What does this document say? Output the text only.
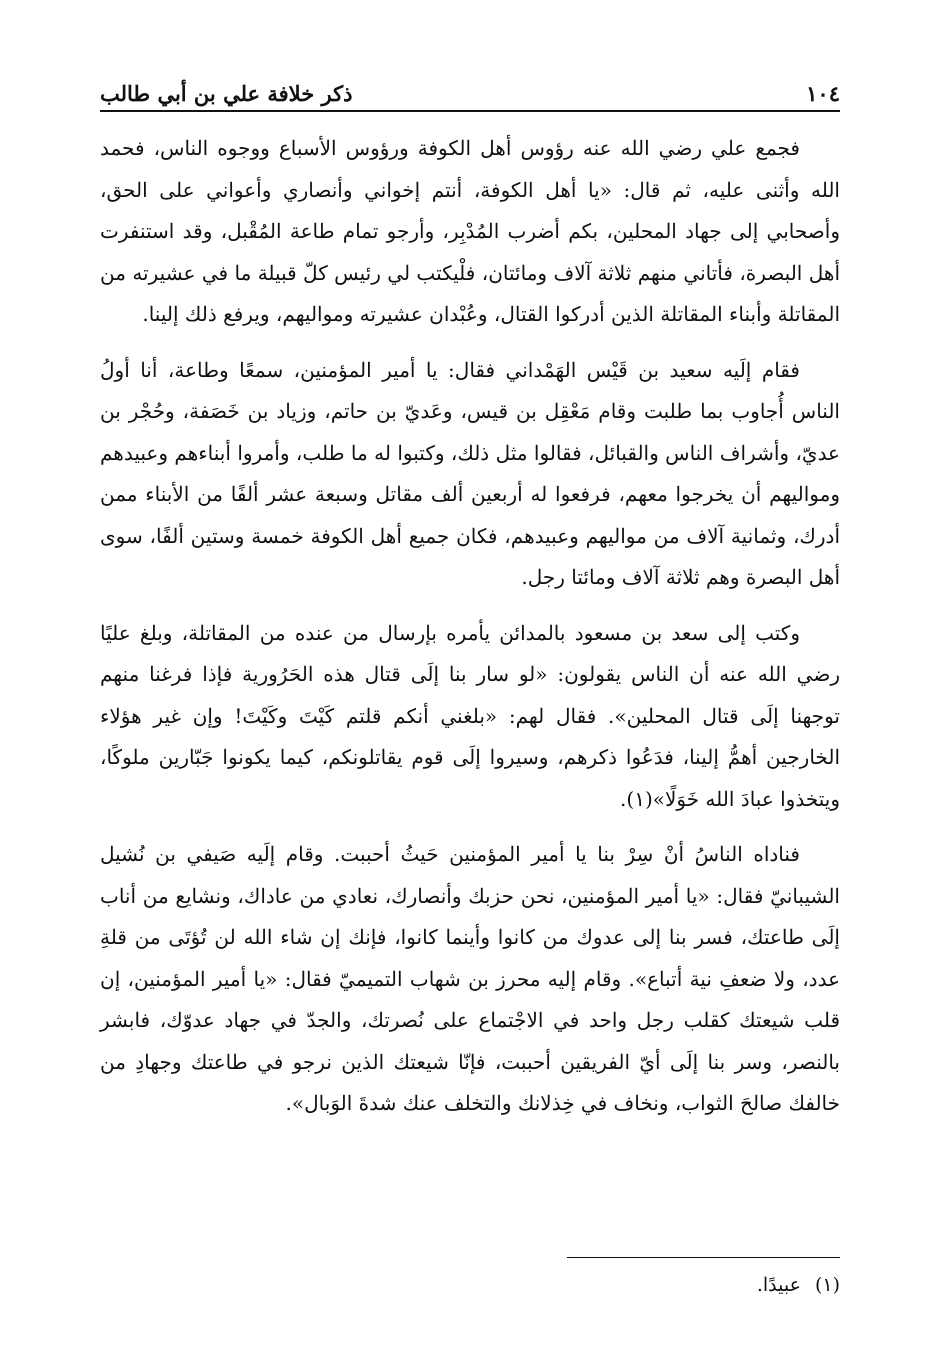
١٠٤
ذكر خلافة علي بن أبي طالب

فجمع علي رضي الله عنه رؤوس أهل الكوفة ورؤوس الأسباع ووجوه الناس، فحمد الله وأثنى عليه، ثم قال: «يا أهل الكوفة، أنتم إخواني وأنصاري وأعواني على الحق، وأصحابي إلى جهاد المحلين، بكم أضرب المُدْبِر، وأرجو تمام طاعة المُقْبل، وقد استنفرت أهل البصرة، فأتاني منهم ثلاثة آلاف ومائتان، فلْيكتب لي رئيس كلّ قبيلة ما في عشيرته من المقاتلة وأبناء المقاتلة الذين أدركوا القتال، وعُبْدان عشيرته ومواليهم، ويرفع ذلك إلينا.

فقام إلَيه سعيد بن قَيْس الهَمْداني فقال: يا أمير المؤمنين، سمعًا وطاعة، أنا أولُ الناس أُجاوب بما طلبت وقام مَعْقِل بن قيس، وعَديّ بن حاتم، وزياد بن خَصَفة، وحُجْر بن عديّ، وأشراف الناس والقبائل، فقالوا مثل ذلك، وكتبوا له ما طلب، وأمروا أبناءهم وعبيدهم ومواليهم أن يخرجوا معهم، فرفعوا له أربعين ألف مقاتل وسبعة عشر ألفًا من الأبناء ممن أدرك، وثمانية آلاف من مواليهم وعبيدهم، فكان جميع أهل الكوفة خمسة وستين ألفًا، سوى أهل البصرة وهم ثلاثة آلاف ومائتا رجل.

وكتب إلى سعد بن مسعود بالمدائن يأمره بإرسال من عنده من المقاتلة، وبلغ عليًا رضي الله عنه أن الناس يقولون: «لو سار بنا إلَى قتال هذه الحَرُورية فإذا فرغنا منهم توجهنا إلَى قتال المحلين». فقال لهم: «بلغني أنكم قلتم كَيْتَ وكَيْتَ! وإن غير هؤلاء الخارجين أهمُّ إلينا، فدَعُوا ذكرهم، وسيروا إلَى قوم يقاتلونكم، كيما يكونوا جَبّارين ملوكًا، ويتخذوا عبادَ الله خَوَلًا»(١).

فناداه الناسُ أنْ سِرْ بنا يا أمير المؤمنين حَيثُ أحببت. وقام إلَيه صَيفي بن نُشيل الشيبانيّ فقال: «يا أمير المؤمنين، نحن حزبك وأنصارك، نعادي من عاداك، ونشايع من أناب إلَى طاعتك، فسر بنا إلى عدوك من كانوا وأينما كانوا، فإنك إن شاء الله لن تُؤتَى من قلةِ عدد، ولا ضعفِ نية أتباع». وقام إليه محرز بن شهاب التميميّ فقال: «يا أمير المؤمنين، إن قلب شيعتك كقلب رجل واحد في الاجْتماع على نُصرتك، والجدّ في جهاد عدوّك، فابشر بالنصر، وسر بنا إلَى أيّ الفريقين أحببت، فإنّا شيعتك الذين نرجو في طاعتك وجهادِ من خالفك صالحَ الثواب، ونخاف في خِذلانك والتخلف عنك شدةَ الوَبال».

(١)عبيدًا.
